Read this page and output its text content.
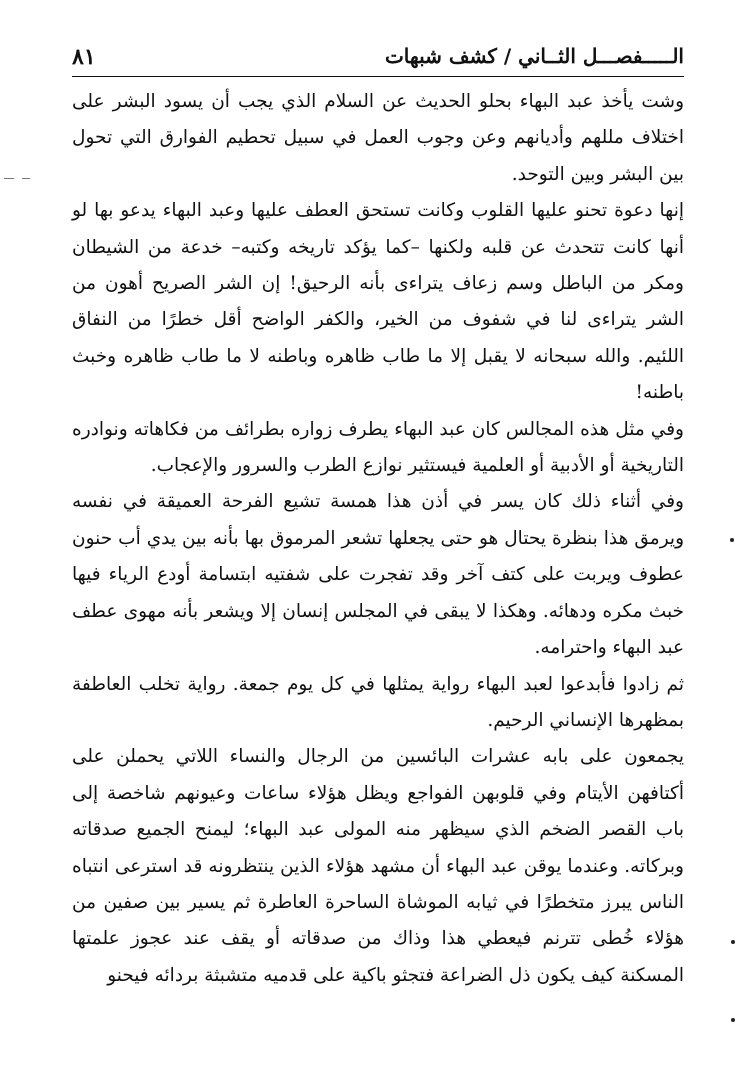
الـــــفصـــل الثــاني / كشف شبهات
٨١

وشت يأخذ عبد البهاء بحلو الحديث عن السلام الذي يجب أن يسود البشر على اختلاف مللهم وأديانهم وعن وجوب العمل في سبيل تحطيم الفوارق التي تحول بين البشر وبين التوحد.

إنها دعوة تحنو عليها القلوب وكانت تستحق العطف عليها وعبد البهاء يدعو بها لو أنها كانت تتحدث عن قلبه ولكنها –كما يؤكد تاريخه وكتبه– خدعة من الشيطان ومكر من الباطل وسم زعاف يتراءى بأنه الرحيق! إن الشر الصريح أهون من الشر يتراءى لنا في شفوف من الخير، والكفر الواضح أقل خطرًا من النفاق اللئيم. والله سبحانه لا يقبل إلا ما طاب ظاهره وباطنه لا ما طاب ظاهره وخبث باطنه!

وفي مثل هذه المجالس كان عبد البهاء يطرف زواره بطرائف من فكاهاته ونوادره التاريخية أو الأدبية أو العلمية فيستثير نوازع الطرب والسرور والإعجاب.

وفي أثناء ذلك كان يسر في أذن هذا همسة تشيع الفرحة العميقة في نفسه ويرمق هذا بنظرة يحتال هو حتى يجعلها تشعر المرموق بها بأنه بين يدي أب حنون عطوف ويربت على كتف آخر وقد تفجرت على شفتيه ابتسامة أودع الرياء فيها خبث مكره ودهائه. وهكذا لا يبقى في المجلس إنسان إلا ويشعر بأنه مهوى عطف عبد البهاء واحترامه.

ثم زادوا فأبدعوا لعبد البهاء رواية يمثلها في كل يوم جمعة. رواية تخلب العاطفة بمظهرها الإنساني الرحيم.

يجمعون على بابه عشرات البائسين من الرجال والنساء اللاتي يحملن على أكتافهن الأيتام وفي قلوبهن الفواجع ويظل هؤلاء ساعات وعيونهم شاخصة إلى باب القصر الضخم الذي سيظهر منه المولى عبد البهاء؛ ليمنح الجميع صدقاته وبركاته. وعندما يوقن عبد البهاء أن مشهد هؤلاء الذين ينتظرونه قد استرعى انتباه الناس يبرز متخطرًا في ثيابه الموشاة الساحرة العاطرة ثم يسير بين صفين من هؤلاء خُطى تترنم فيعطي هذا وذاك من صدقاته أو يقف عند عجوز علمتها المسكنة كيف يكون ذل الضراعة فتجثو باكية على قدميه متشبثة بردائه فيحنو
